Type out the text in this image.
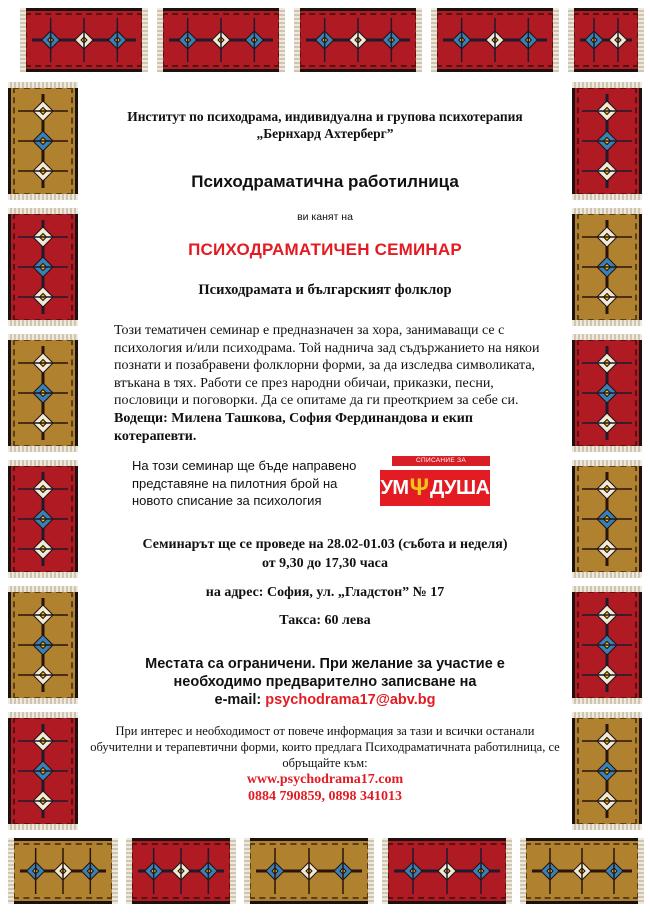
Институт по психодрама, индивидуална и групова психотерапия
„Бернхард Ахтерберг”
Психодраматична работилница
ви канят на
ПСИХОДРАМАТИЧЕН СЕМИНАР
Психодрамата и българският фолклор
Този тематичен семинар е предназначен за хора, занимаващи се с психология и/или психодрама. Той надничa зад съдържанието на някои познати и позабравени фолклорни форми, за да изследва символиката, втъкана в тях. Работи се през народни обичаи, приказки, песни, пословици и поговорки. Да се опитаме да ги преоткрием за себе си. Водещи: Милена Ташкова, София Фердинандова и екип котерапевти.
На този семинар ще бъде направено представяне на пилотния брой на новото списание за психология
СПИСАНИЕ ЗА
УМ Ψ ДУША
Семинарът ще се проведе на 28.02-01.03 (събота и неделя)
от 9,30 до 17,30 часа
на адрес: София, ул. „Гладстон” № 17
Такса: 60 лева
Местата са ограничени. При желание за участие е
необходимо предварително записване на
e-mail: psychodrama17@abv.bg
При интерес и необходимост от повече информация за тази и всички останали обучителни и терапевтични форми, които предлага Психодраматичната работилница, се обръщайте към:
www.psychodrama17.com
0884 790859, 0898 341013
